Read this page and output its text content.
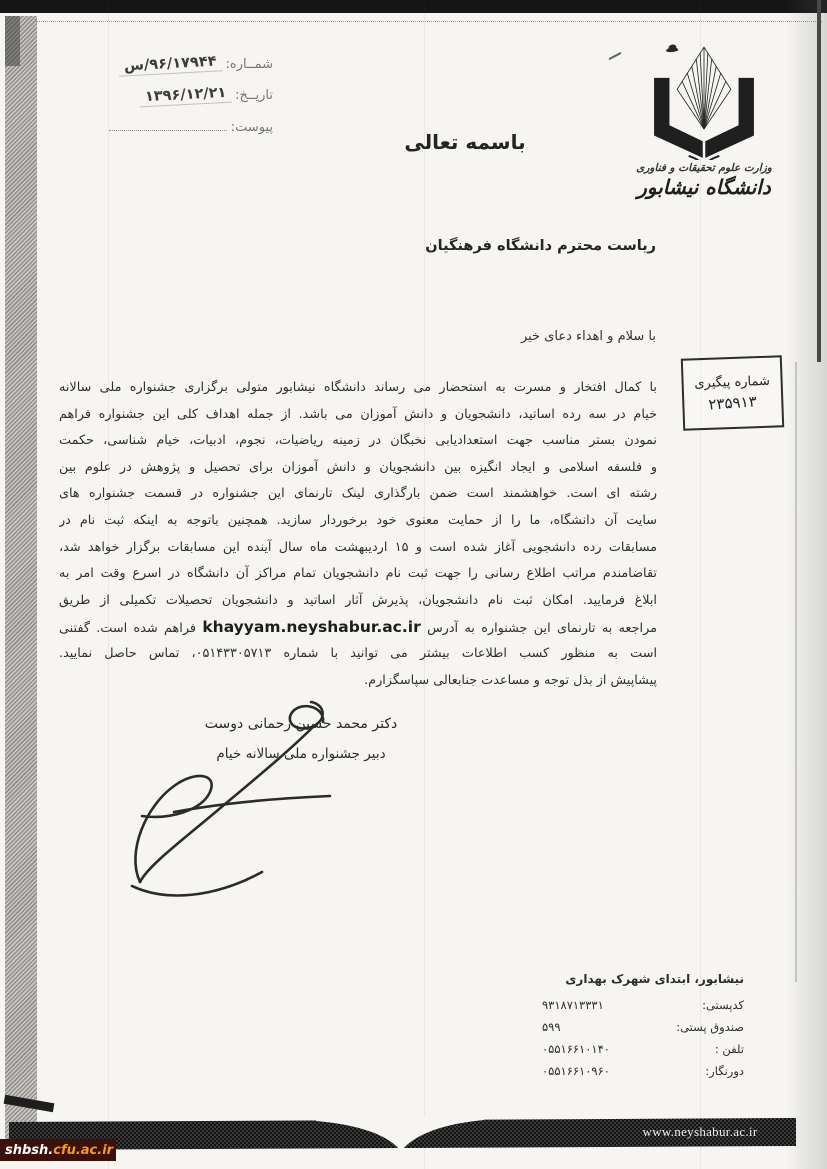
شمــاره: ۹۶/۱۷۹۴۴/س
تاریــخ: ۱۳۹۶/۱۲/۲۱
پیوست:
باسمه تعالی
وزارت علوم تحقیقات و فناوری
دانشگاه نیشابور
ریاست محترم دانشگاه فرهنگیان
با سلام و اهداء دعای خیر
شماره پیگیری
۲۳۵۹۱۳
با کمال افتخار و مسرت به استحضار می رساند دانشگاه نیشابور متولی برگزاری جشنواره ملی سالانه
خیام در سه رده اساتید، دانشجویان و دانش آموزان می باشد. از جمله اهداف کلی این جشنواره فراهم
نمودن بستر مناسب جهت استعدادیابی نخبگان در زمینه ریاضیات، نجوم، ادبیات، خیام شناسی، حکمت
و فلسفه اسلامی و ایجاد انگیزه بین دانشجویان و دانش آموزان برای تحصیل و پژوهش در علوم بین
رشته ای است. خواهشمند است ضمن بارگذاری لینک تارنمای این جشنواره در قسمت جشنواره های
سایت آن دانشگاه، ما را از حمایت معنوی خود برخوردار سازید. همچنین باتوجه به اینکه ثبت نام در
مسابقات رده دانشجویی آغاز شده است و ۱۵ اردیبهشت ماه سال آینده این مسابقات برگزار خواهد شد،
تقاضامندم مراتب اطلاع رسانی را جهت ثبت نام دانشجویان تمام مراکز آن دانشگاه در اسرع وقت امر به
ابلاغ فرمایید. امکان ثبت نام دانشجویان، پذیرش آثار اساتید و دانشجویان تحصیلات تکمیلی از طریق
مراجعه به تارنمای این جشنواره به آدرس khayyam.neyshabur.ac.ir فراهم شده است. گفتنی
است به منظور کسب اطلاعات بیشتر می توانید با شماره ۰۵۱۴۳۳۰۵۷۱۳، تماس حاصل نمایید.
پیشاپیش از بذل توجه و مساعدت جنابعالی سپاسگزارم.
دکتر محمد حسین رحمانی دوست
دبیر جشنواره ملی سالانه خیام
نیشابور، ابتدای شهرک بهداری
کدپستی:
۹۳۱۸۷۱۳۳۳۱
صندوق پستی:
۵۹۹
تلفن :
۰۵۵۱۶۶۱۰۱۴۰
دورنگار:
۰۵۵۱۶۶۱۰۹۶۰
www.neyshabur.ac.ir
shbsh. cfu.ac.ir
